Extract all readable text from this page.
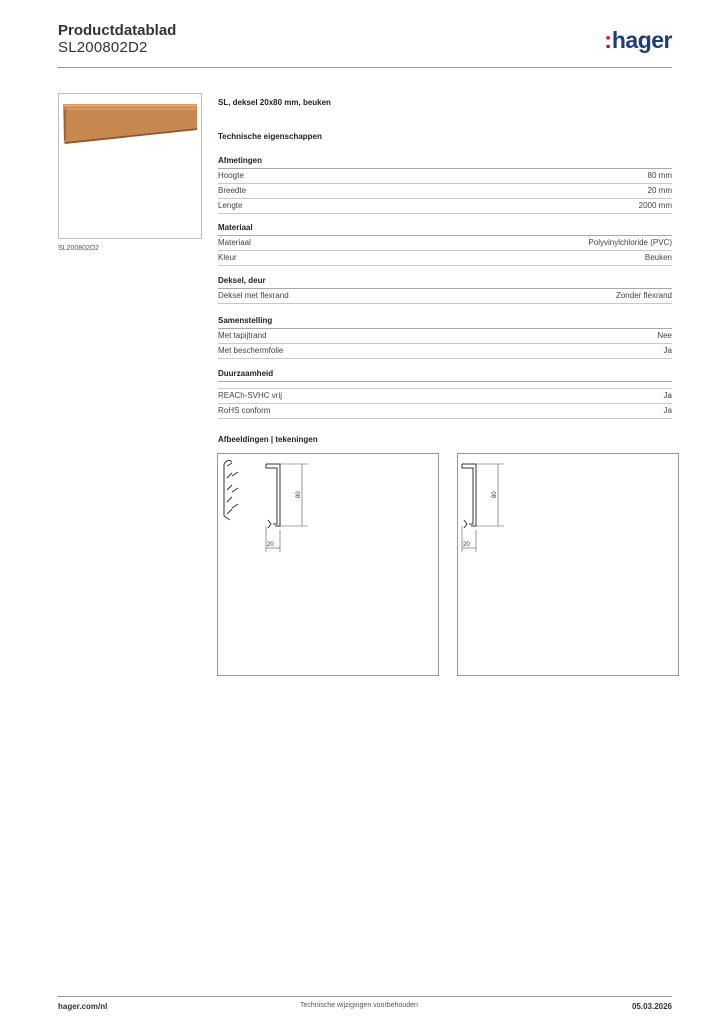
Productdatablad
SL200802D2	:hager
SL200802D2
SL, deksel 20x80 mm, beuken
Technische eigenschappen
Afmetingen
Hoogte	80 mm
Breedte	20 mm
Lengte	2000 mm
Materiaal
Materiaal	Polyvinylchloride (PVC)
Kleur	Beuken
Deksel, deur
Deksel met flexrand	Zonder flexrand
Samenstelling
Met tapijtrand	Nee
Met beschermfolie	Ja
Duurzaamheid
REACh-SVHC vrij	Ja
RoHS conform	Ja
Afbeeldingen | tekeningen
80
20
80
20
hager.com/nl	Technische wijzigingen voorbehouden	05.03.2026
